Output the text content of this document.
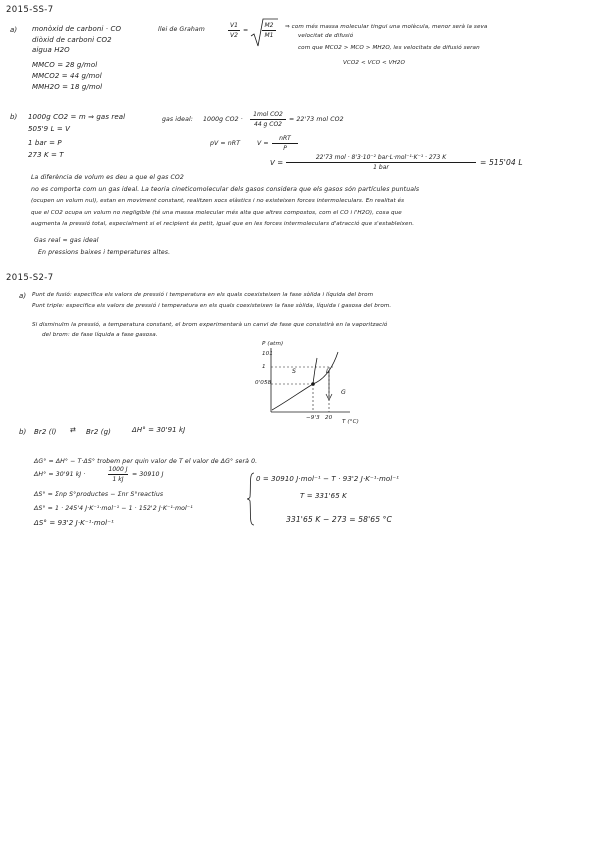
2015-SS-7
a) monòxid de carboni · CO
diòxid de carboni CO2
aigua H2O
MMCO = 28 g/mol
MMCO2 = 44 g/mol
MMH2O = 18 g/mol
llei de Graham
V1
V2
=
M2
M1
⇒ com més massa molecular tingui una molècula, menor serà la seva
velocitat de difusió
com que MCO2 > MCO > MH2O, les velocitats de difusió seran
VCO2 < VCO < VH2O
b) 1000g CO2 = m ⇒ gas real
505'9 L = V
1 bar = P
273 K = T
gas ideal: 1000g CO2 ·
1mol CO2
44 g CO2
= 22'73 mol CO2
pV = nRT	V =
nRT
P
V =
22'73 mol · 8'3·10⁻² bar·L·mol⁻¹·K⁻¹ · 273 K
1 bar
= 515'04 L
La diferència de volum es deu a que el gas CO2
no es comporta com un gas ideal. La teoria cineticomolecular dels gasos considera que els gasos són partícules puntuals
(ocupen un volum nul), estan en moviment constant, realitzen xocs elàstics i no existeixen forces intermoleculars. En realitat és
que el CO2 ocupa un volum no negligible (té una massa molecular més alta que altres compostos, com el CO i l'H2O), cosa que
augmenta la pressió total, especialment si el recipient és petit, igual que en les forces intermoleculars d'atracció que s'estableixen.
Gas real ≈ gas ideal
En pressions baixes i temperatures altes.
2015-S2-7
a) Punt de fusió: especifica els valors de pressió i temperatura en els quals coexisteixen la fase sòlida i líquida del brom
Punt triple: especifica els valors de pressió i temperatura en els quals coexisteixen la fase sòlida, líquida i gasosa del brom.
Si disminuïm la pressió, a temperatura constant, el brom experimentarà un canvi de fase que consistirà en la vaporització
del brom: de fase líquida a fase gasosa.
P (atm)
101
1
0'058
−9'3 20
T (°C)
S	L
G
b) Br2 (l) ⇄ Br2 (g)	ΔH° = 30'91 kJ
ΔG° = ΔH° − T·ΔS° trobem per quin valor de T el valor de ΔG° serà 0.
ΔH° = 30'91 kJ ·
1000 J
1 kJ
= 30910 J
ΔS° = Σnp S°productes − Σnr S°reactius
ΔS° = 1 · 245'4 J·K⁻¹·mol⁻¹ − 1 · 152'2 J·K⁻¹·mol⁻¹
ΔS° = 93'2 J·K⁻¹·mol⁻¹
0 = 30910 J·mol⁻¹ − T · 93'2 J·K⁻¹·mol⁻¹
T = 331'65 K
331'65 K − 273 = 58'65 °C
